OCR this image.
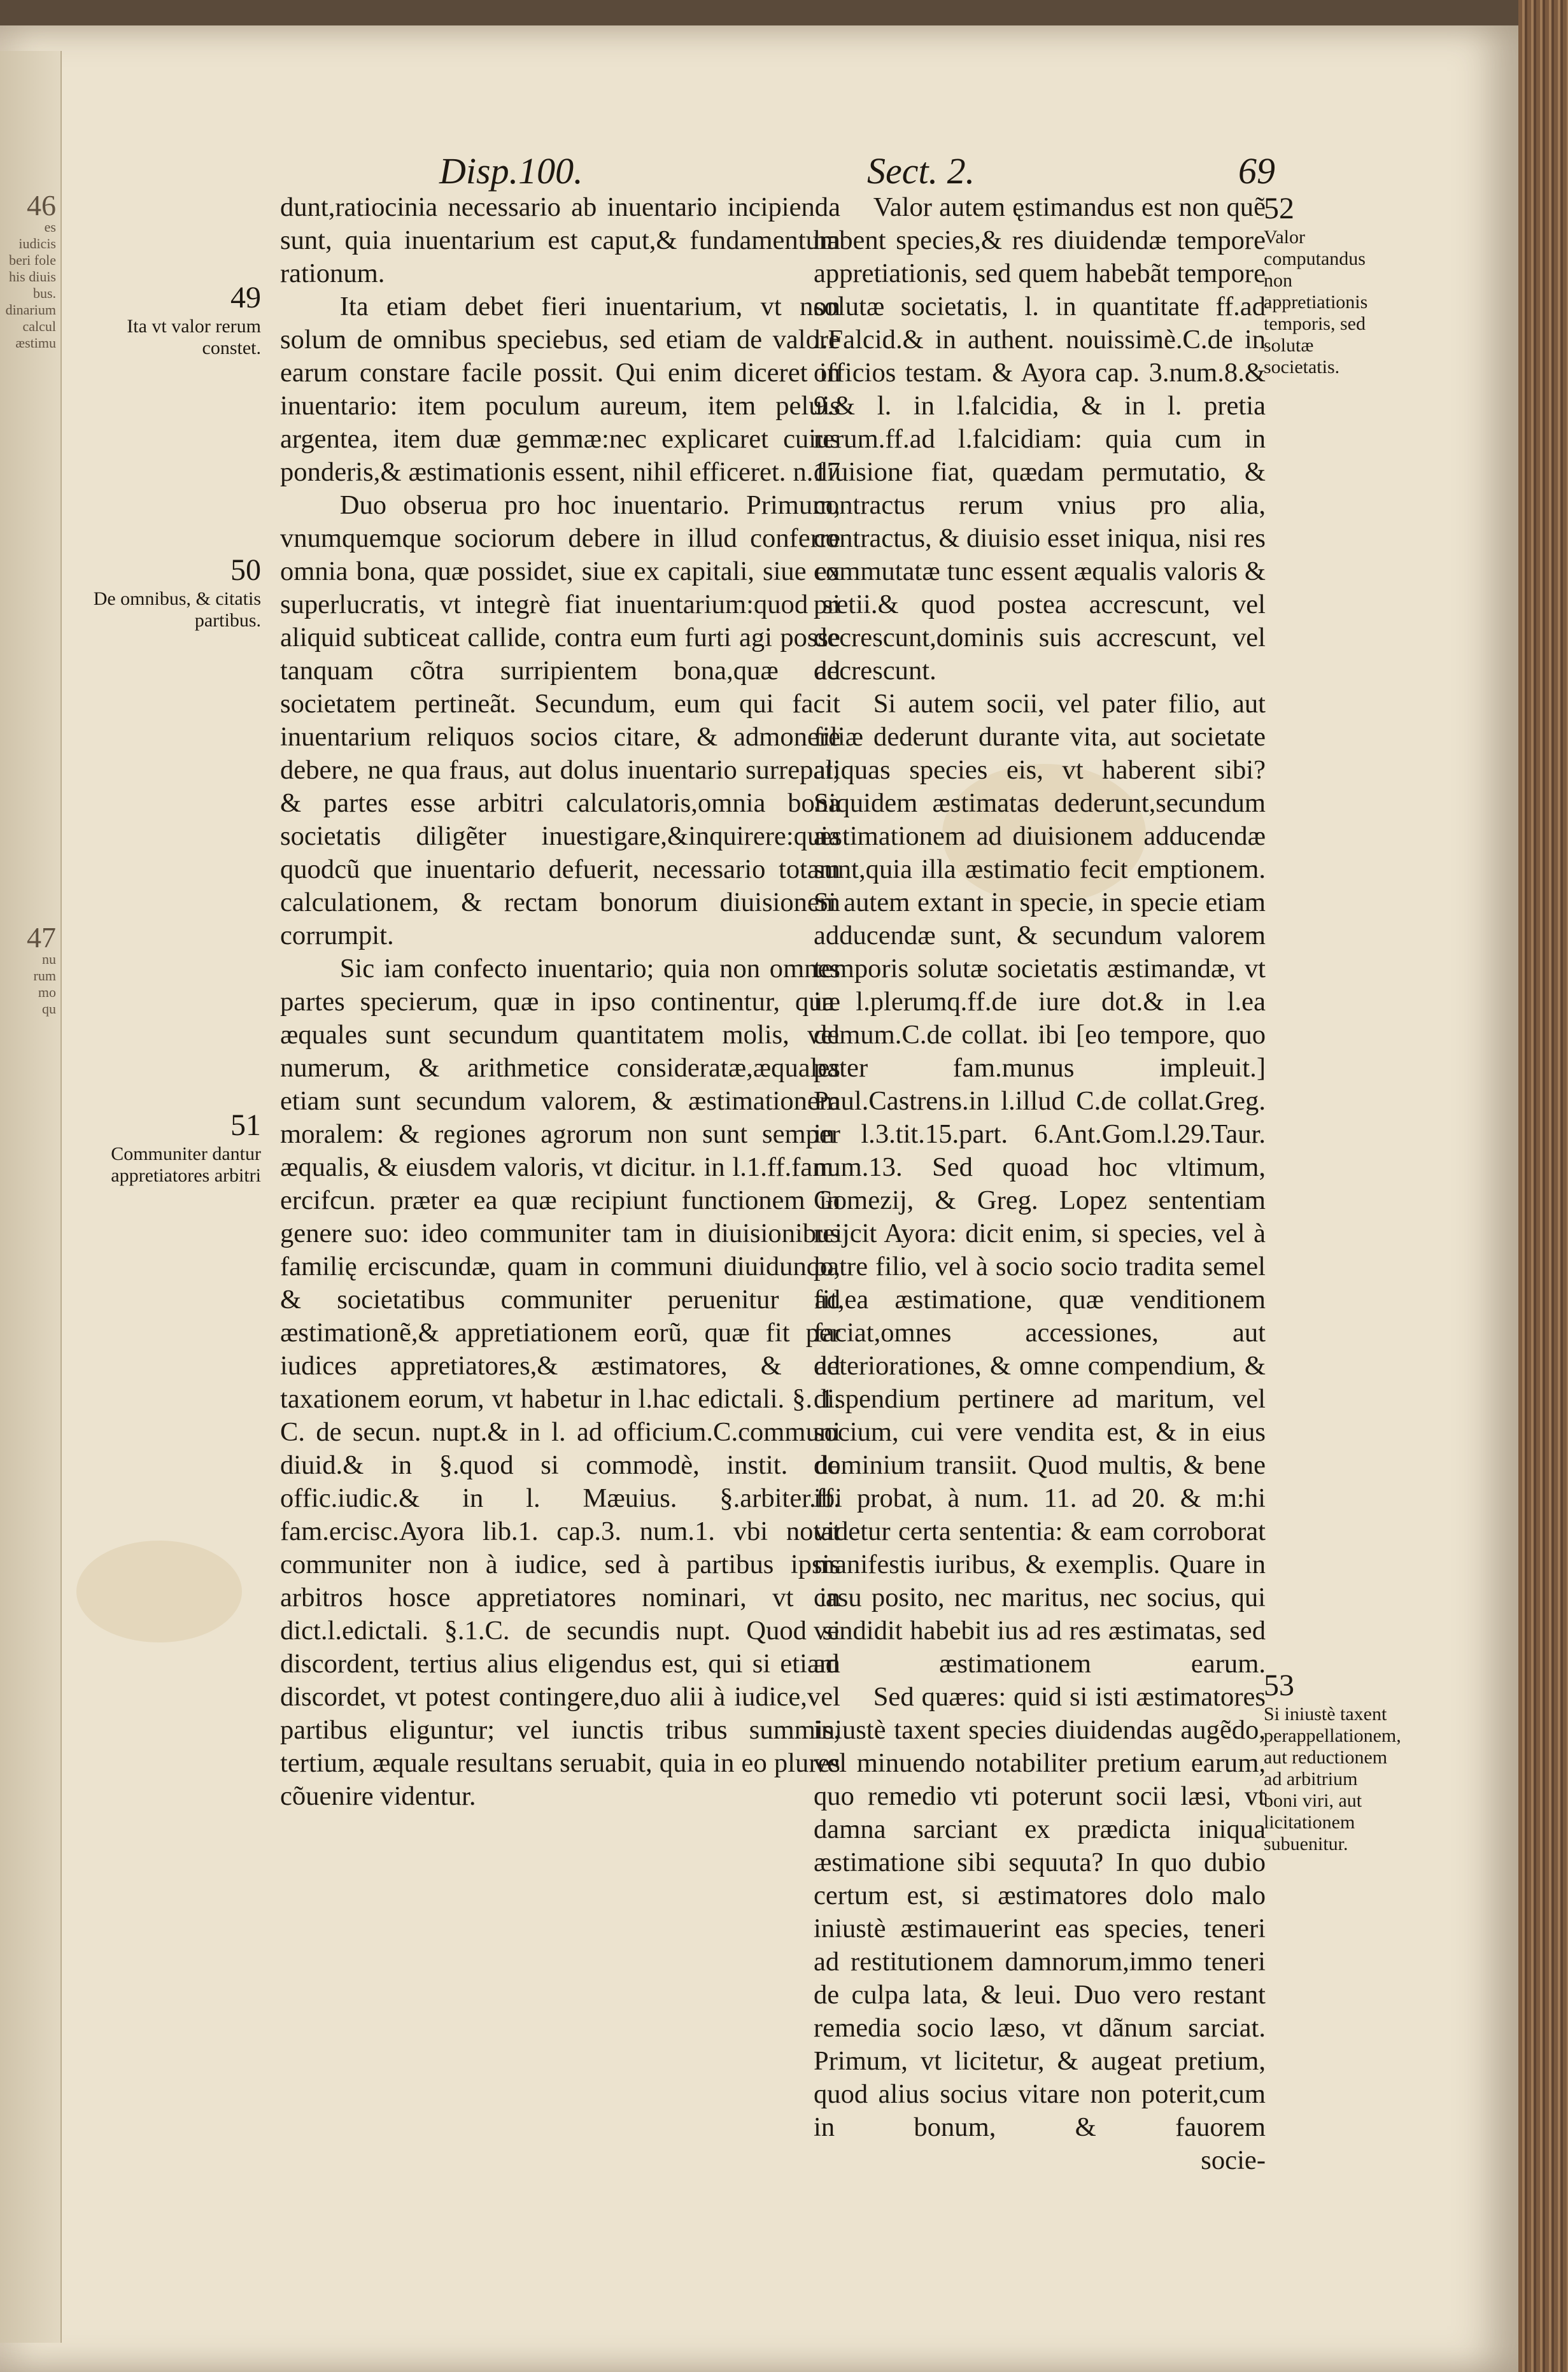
46
es iudicis
beri fole
his diuis
bus.
dinarium
calcul
æstimu
47
nu
rum
mo
qu
Disp.100.	Sect. 2.	69

dunt,ratiocinia necessario ab inuentario incipienda sunt, quia inuentarium est caput,& fundamentum rationum.

Ita etiam debet fieri inuentarium, vt non solum de omnibus speciebus, sed etiam de valore earum constare facile possit. Qui enim diceret in inuentario: item poculum aureum, item peluis argentea, item duæ gemmæ:nec explicaret cuius ponderis,& æstimationis essent, nihil efficeret. n.17

Duo obserua pro hoc inuentario. Primum, vnumquemque sociorum debere in illud conferre omnia bona, quæ possidet, siue ex capitali, siue ex superlucratis, vt integrè fiat inuentarium:quod si aliquid subticeat callide, contra eum furti agi posse tanquam cõtra surripientem bona,quæ ad societatem pertineãt. Secundum, eum qui facit inuentarium reliquos socios citare, & admonere debere, ne qua fraus, aut dolus inuentario surrepat; & partes esse arbitri calculatoris,omnia bona societatis diligẽter inuestigare,&inquirere:quia quodcũ que inuentario defuerit, necessario totam calculationem, & rectam bonorum diuisionem corrumpit.

Sic iam confecto inuentario; quia non omnes partes specierum, quæ in ipso continentur, quæ æquales sunt secundum quantitatem molis, vel numerum, & arithmetice consideratæ,æquales etiam sunt secundum valorem, & æstimationem moralem: & regiones agrorum non sunt semper æqualis, & eiusdem valoris, vt dicitur. in l.1.ff.fam. ercifcun. præter ea quæ recipiunt functionem in genere suo: ideo communiter tam in diuisionibus familię erciscundæ, quam in communi diuidundo, & societatibus communiter peruenitur ad æstimationẽ,& appretiationem eorũ, quæ fit per iudices appretiatores,& æstimatores, & ad taxationem eorum, vt habetur in l.hac edictali. §. 1. C. de secun. nupt.& in l. ad officium.C.communi diuid.& in §.quod si commodè, instit. de offic.iudic.& in l. Mæuius. §.arbiter.ff. fam.ercisc.Ayora lib.1. cap.3. num.1. vbi notat communiter non à iudice, sed à partibus ipsis arbitros hosce appretiatores nominari, vt in dict.l.edictali. §.1.C. de secundis nupt. Quod si discordent, tertius alius eligendus est, qui si etiam discordet, vt potest contingere,duo alii à iudice,vel partibus eliguntur; vel iunctis tribus summis, tertium, æquale resultans seruabit, quia in eo plures cõuenire videntur.

Valor autem ęstimandus est non quẽ habent species,& res diuidendæ tempore appretiationis, sed quem habebãt tempore solutæ societatis, l. in quantitate ff.ad l.Falcid.& in authent. nouissimè.C.de in officios testam. & Ayora cap. 3.num.8.& 9.& l. in l.falcidia, & in l. pretia rerum.ff.ad l.falcidiam: quia cum in diuisione fiat, quædam permutatio, & contractus rerum vnius pro alia, contractus, & diuisio esset iniqua, nisi res commutatæ tunc essent æqualis valoris & pretii.& quod postea accrescunt, vel decrescunt,dominis suis accrescunt, vel decrescunt.

Si autem socii, vel pater filio, aut filiæ dederunt durante vita, aut societate aliquas species eis, vt haberent sibi? Siquidem æstimatas dederunt,secundum æstimationem ad diuisionem adducendæ sunt,quia illa æstimatio fecit emptionem. Si autem extant in specie, in specie etiam adducendæ sunt, & secundum valorem temporis solutæ societatis æstimandæ, vt in l.plerumq.ff.de iure dot.& in l.ea demum.C.de collat. ibi [eo tempore, quo pater fam.munus impleuit.] Paul.Castrens.in l.illud C.de collat.Greg. in l.3.tit.15.part. 6.Ant.Gom.l.29.Taur. num.13. Sed quoad hoc vltimum, Gomezij, & Greg. Lopez sententiam reijcit Ayora: dicit enim, si species, vel à patre filio, vel à socio socio tradita semel fit,ea æstimatione, quæ venditionem faciat,omnes accessiones, aut deteriorationes, & omne compendium, & dispendium pertinere ad maritum, vel socium, cui vere vendita est, & in eius dominium transiit. Quod multis, & bene ibi probat, à num. 11. ad 20. & m:hi videtur certa sententia: & eam corroborat manifestis iuribus, & exemplis. Quare in casu posito, nec maritus, nec socius, qui vendidit habebit ius ad res æstimatas, sed ad æstimationem earum.

Sed quæres: quid si isti æstimatores iniustè taxent species diuidendas augẽdo, vel minuendo notabiliter pretium earum, quo remedio vti poterunt socii læsi, vt damna sarciant ex prædicta iniqua æstimatione sibi sequuta? In quo dubio certum est, si æstimatores dolo malo iniustè æstimauerint eas species, teneri ad restitutionem damnorum,immo teneri de culpa lata, & leui. Duo vero restant remedia socio læso, vt dãnum sarciat. Primum, vt licitetur, & augeat pretium, quod alius socius vitare non poterit,cum in bonum, & fauorem

socie-

49
Ita vt valor rerum constet.
50
De omnibus, & citatis partibus.
51
Communiter dantur appretiatores arbitri
52
Valor computandus non appretiationis temporis, sed solutæ societatis.
53
Si iniustè taxent perappellationem, aut reductionem ad arbitrium boni viri, aut licitationem subuenitur.
